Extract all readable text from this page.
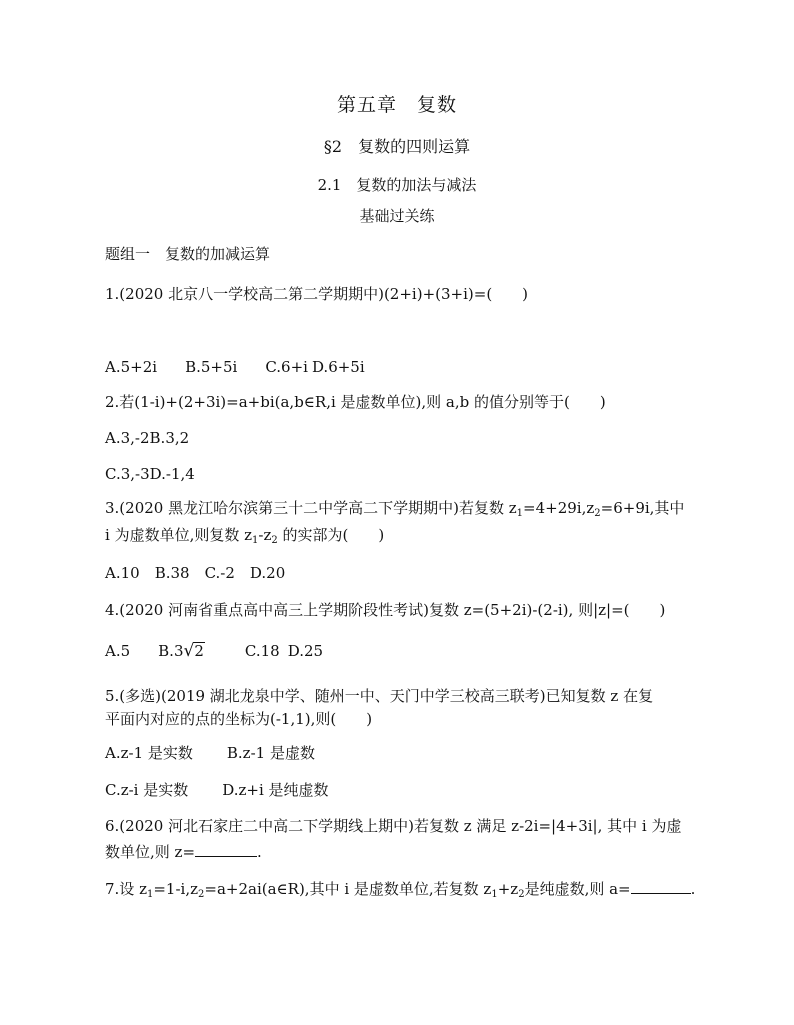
第五章　复数
§2　复数的四则运算
2.1　复数的加法与减法
基础过关练
题组一　复数的加减运算
1.(2020 北京八一学校高二第二学期期中)(2+i)+(3+i)=(　　)
A.5+2i B.5+5i C.6+i D.6+5i
2.若(1-i)+(2+3i)=a+bi(a,b∈R,i 是虚数单位),则 a,b 的值分别等于(　　)
A.3,-2B.3,2
C.3,-3D.-1,4
3.(2020 黑龙江哈尔滨第三十二中学高二下学期期中)若复数 $z_1=4+29i,z_2=6+9i$,其中
i 为虚数单位,则复数 $z_1-z_2$ 的实部为(　　)
A.10　B.38　C.-2　D.20
4.(2020 河南省重点高中高三上学期阶段性考试)复数 z=(5+2i)-(2-i), 则|z|=(　　)
A.5 B.3√2	C.18 D.25
5.(多选)(2019 湖北龙泉中学、随州一中、天门中学三校高三联考)已知复数 z 在复
平面内对应的点的坐标为(-1,1),则(　　)
A.z-1 是实数 B.z-1 是虚数
C.z-i 是实数 D.z+i 是纯虚数
6.(2020 河北石家庄二中高二下学期线上期中)若复数 z 满足 z-2i=|4+3i|, 其中 i 为虚
数单位,则 z=	.
7.设 $z_1=1-i,z_2=a+2ai(a\in R)$,其中 i 是虚数单位,若复数 $z_1+z_2$是纯虚数,则 a=	.
